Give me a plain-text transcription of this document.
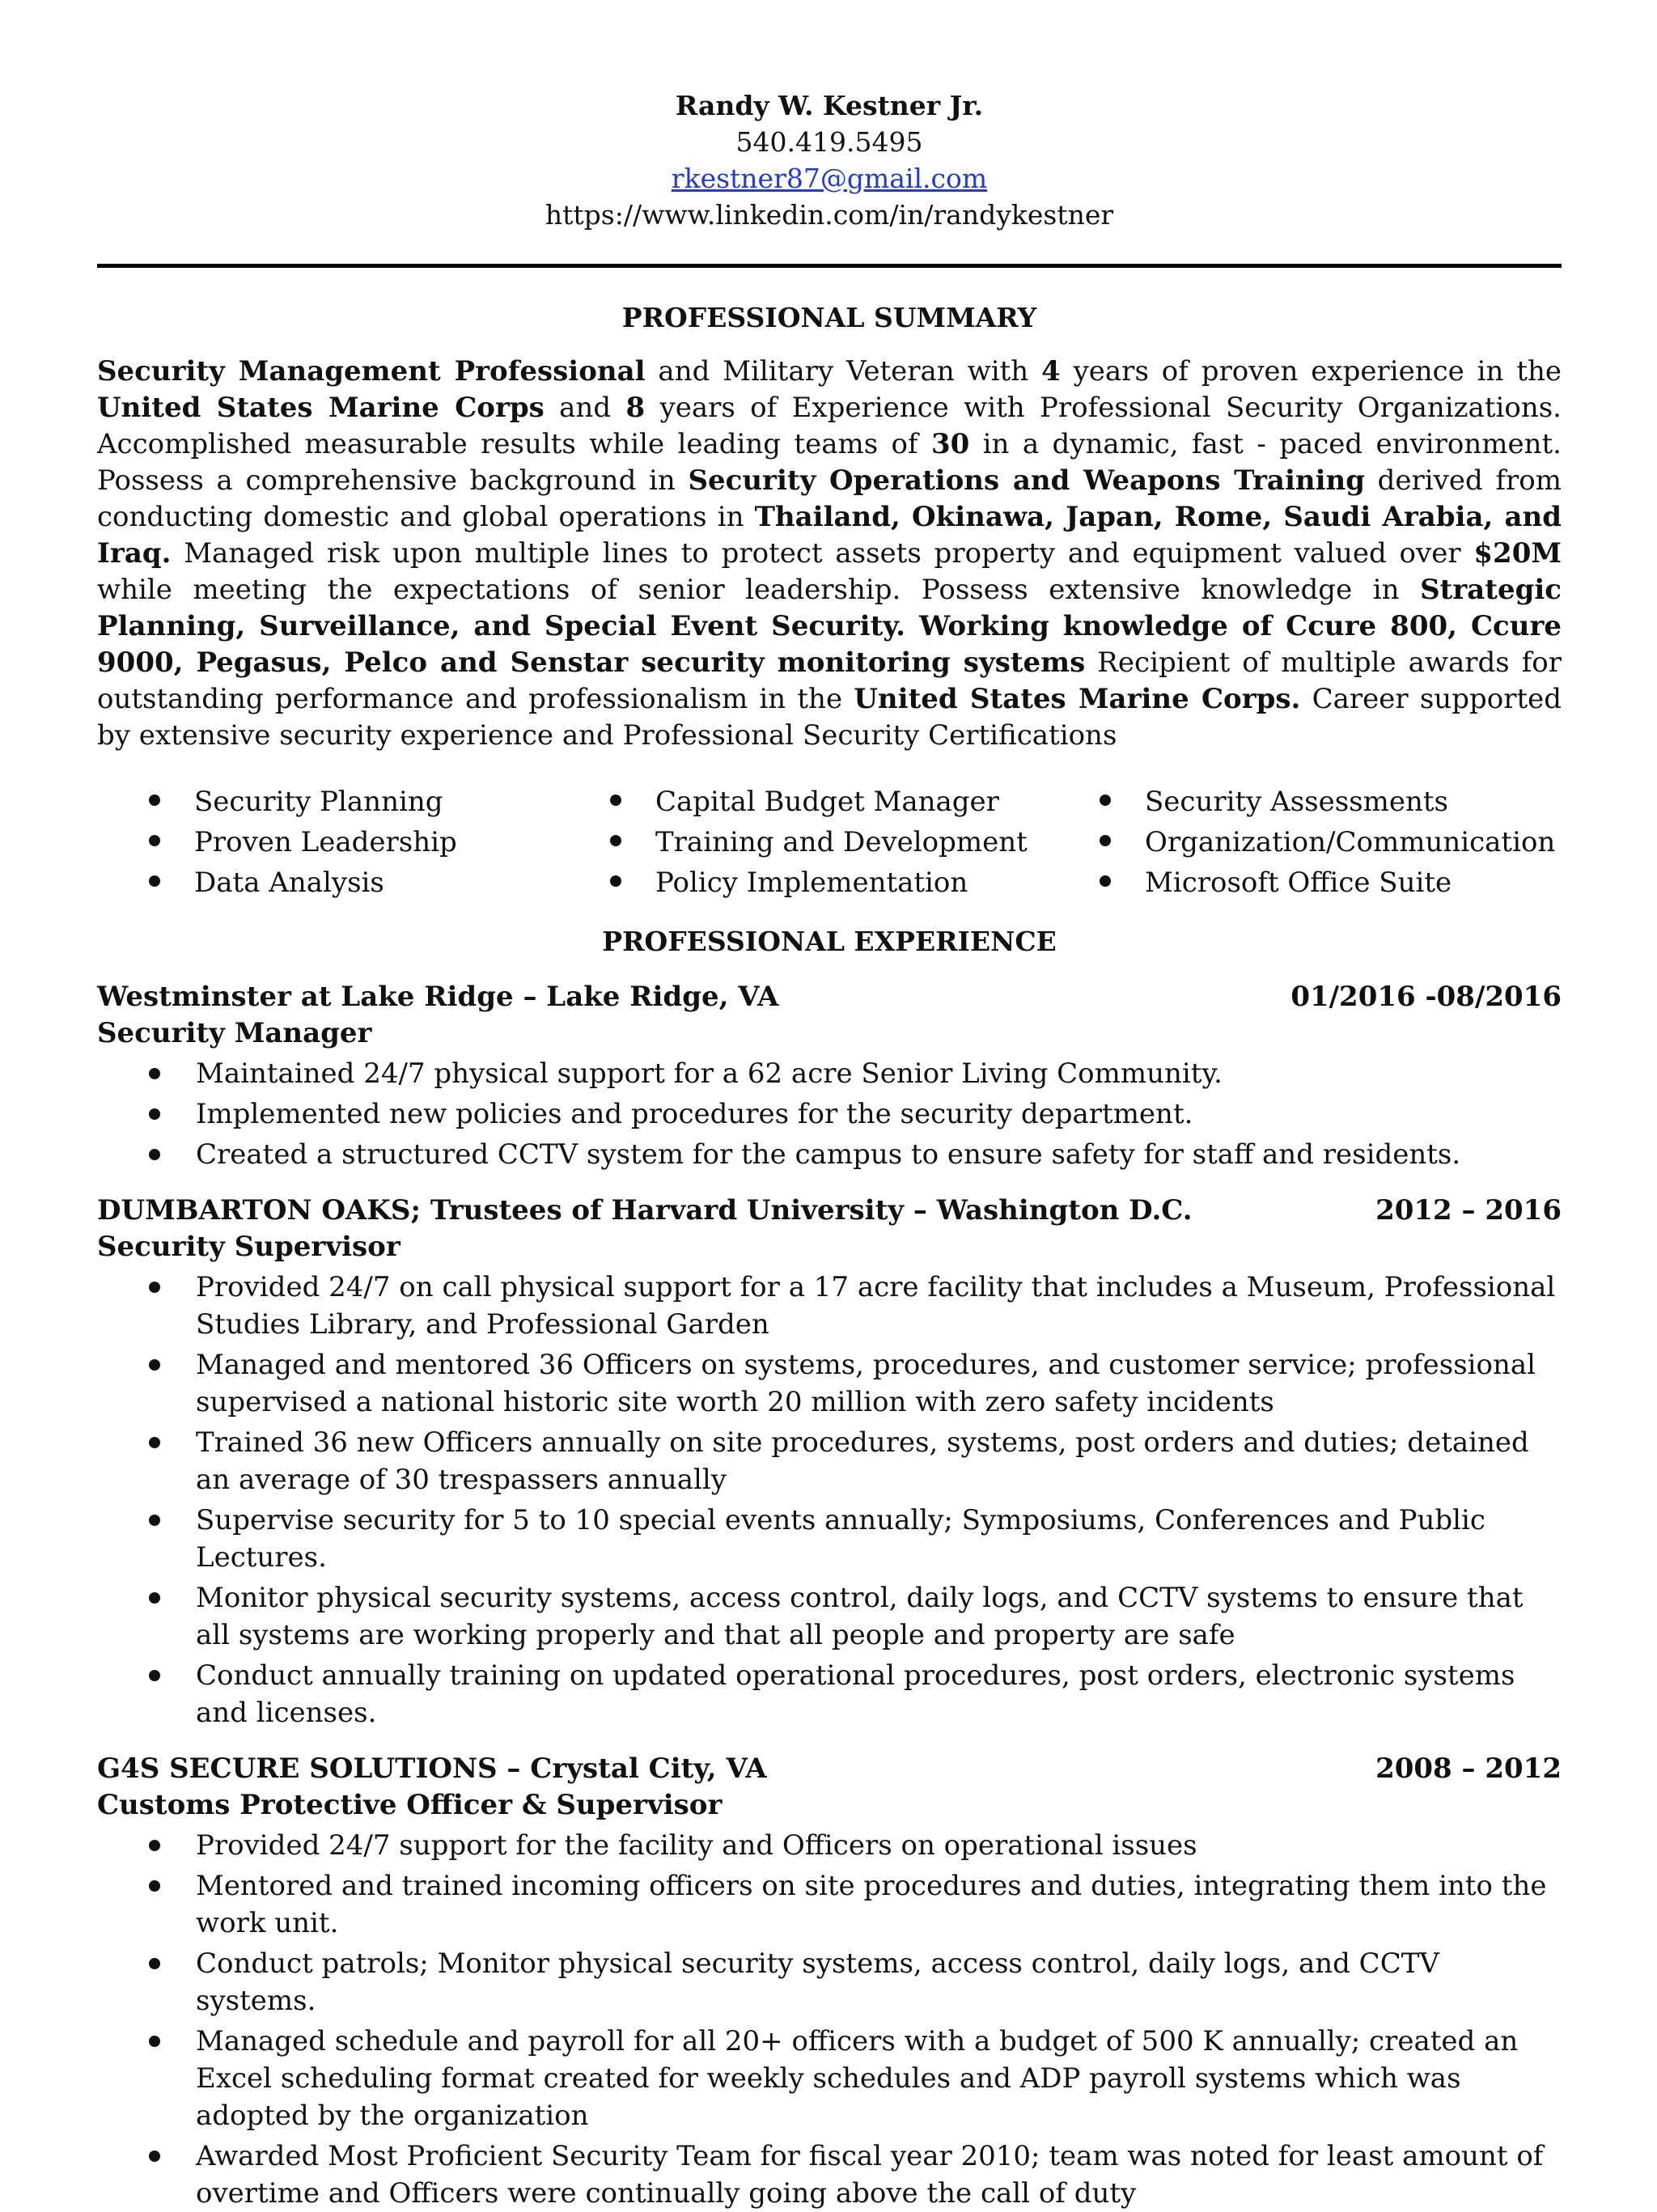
Randy W. Kestner Jr.
540.419.5495
rkestner87@gmail.com
https://www.linkedin.com/in/randykestner
PROFESSIONAL SUMMARY

Security Management Professional and Military Veteran with 4 years of proven experience in the United States Marine Corps and 8 years of Experience with Professional Security Organizations. Accomplished measurable results while leading teams of 30 in a dynamic, fast - paced environment. Possess a comprehensive background in Security Operations and Weapons Training derived from conducting domestic and global operations in Thailand, Okinawa, Japan, Rome, Saudi Arabia, and Iraq. Managed risk upon multiple lines to protect assets property and equipment valued over $20M while meeting the expectations of senior leadership. Possess extensive knowledge in Strategic Planning, Surveillance, and Special Event Security. Working knowledge of Ccure 800, Ccure 9000, Pegasus, Pelco and Senstar security monitoring systems Recipient of multiple awards for outstanding performance and professionalism in the United States Marine Corps. Career supported by extensive security experience and Professional Security Certifications

Security Planning	Capital Budget Manager	Security Assessments
Proven Leadership	Training and Development	Organization/Communication
Data Analysis	Policy Implementation	Microsoft Office Suite
PROFESSIONAL EXPERIENCE
Westminster at Lake Ridge – Lake Ridge, VA	01/2016 -08/2016
Security Manager
Maintained 24/7 physical support for a 62 acre Senior Living Community.
Implemented new policies and procedures for the security department.
Created a structured CCTV system for the campus to ensure safety for staff and residents.
DUMBARTON OAKS; Trustees of Harvard University – Washington D.C.	2012 – 2016
Security Supervisor
Provided 24/7 on call physical support for a 17 acre facility that includes a Museum, Professional Studies Library, and Professional Garden
Managed and mentored 36 Officers on systems, procedures, and customer service; professional supervised a national historic site worth 20 million with zero safety incidents
Trained 36 new Officers annually on site procedures, systems, post orders and duties; detained an average of 30 trespassers annually
Supervise security for 5 to 10 special events annually; Symposiums, Conferences and Public Lectures.
Monitor physical security systems, access control, daily logs, and CCTV systems to ensure that all systems are working properly and that all people and property are safe
Conduct annually training on updated operational procedures, post orders, electronic systems and licenses.
G4S SECURE SOLUTIONS – Crystal City, VA	2008 – 2012
Customs Protective Officer & Supervisor
Provided 24/7 support for the facility and Officers on operational issues
Mentored and trained incoming officers on site procedures and duties, integrating them into the work unit.
Conduct patrols; Monitor physical security systems, access control, daily logs, and CCTV systems.
Managed schedule and payroll for all 20+ officers with a budget of 500 K annually; created an Excel scheduling format created for weekly schedules and ADP payroll systems which was adopted by the organization
Awarded Most Proficient Security Team for fiscal year 2010; team was noted for least amount of overtime and Officers were continually going above the call of duty
